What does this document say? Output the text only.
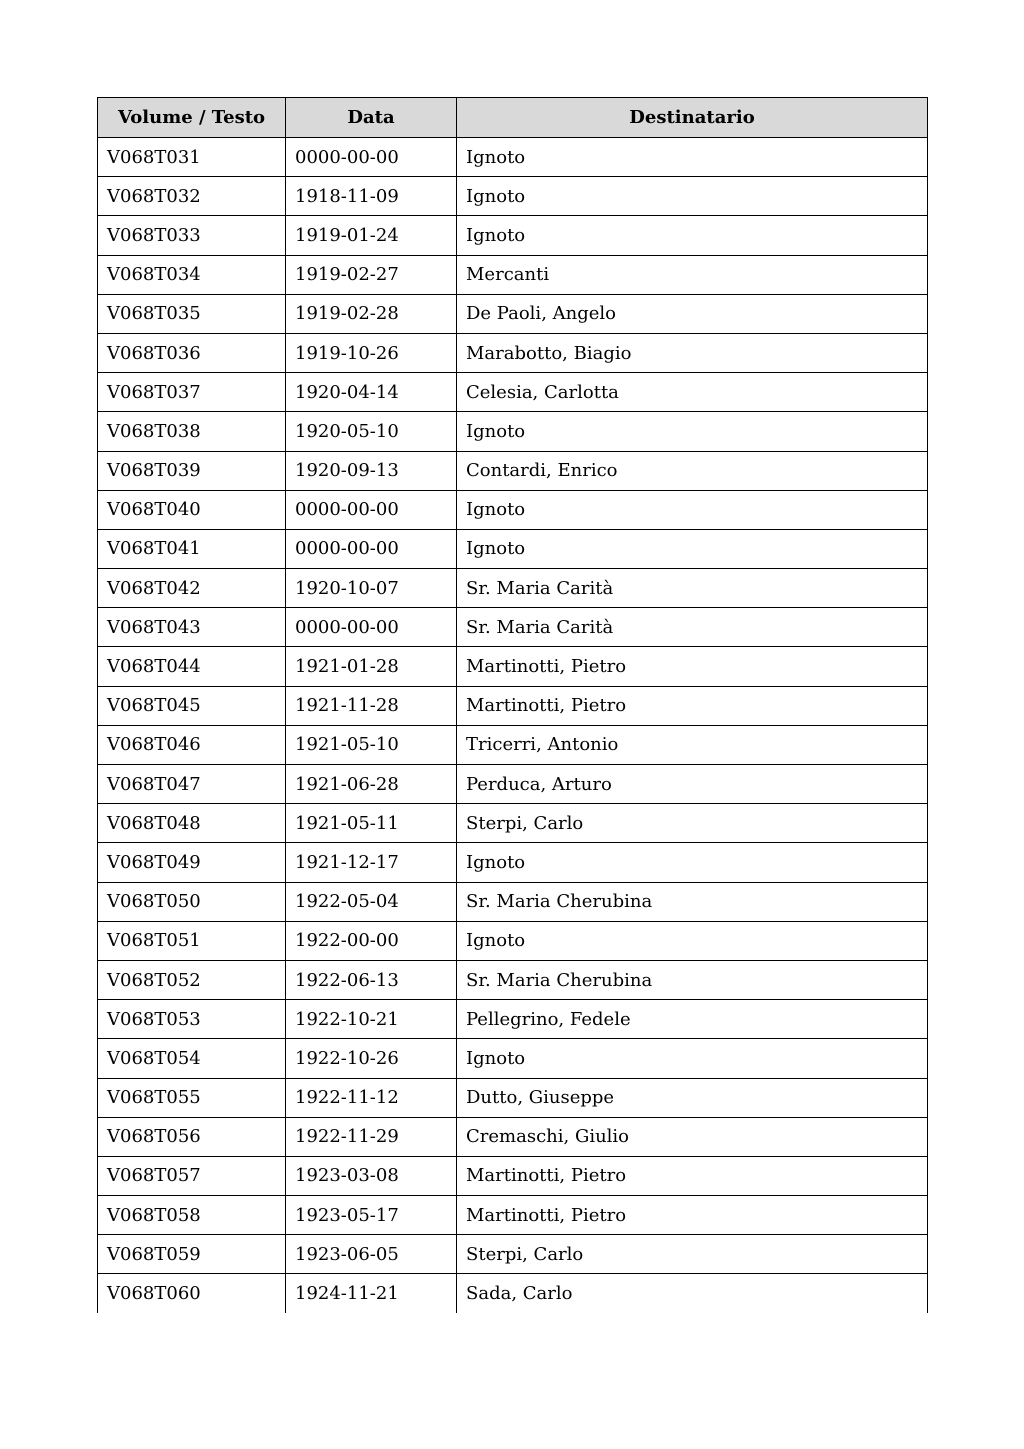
Volume / Testo	Data	Destinatario
V068T031	0000-00-00	Ignoto
V068T032	1918-11-09	Ignoto
V068T033	1919-01-24	Ignoto
V068T034	1919-02-27	Mercanti
V068T035	1919-02-28	De Paoli, Angelo
V068T036	1919-10-26	Marabotto, Biagio
V068T037	1920-04-14	Celesia, Carlotta
V068T038	1920-05-10	Ignoto
V068T039	1920-09-13	Contardi, Enrico
V068T040	0000-00-00	Ignoto
V068T041	0000-00-00	Ignoto
V068T042	1920-10-07	Sr. Maria Carità
V068T043	0000-00-00	Sr. Maria Carità
V068T044	1921-01-28	Martinotti, Pietro
V068T045	1921-11-28	Martinotti, Pietro
V068T046	1921-05-10	Tricerri, Antonio
V068T047	1921-06-28	Perduca, Arturo
V068T048	1921-05-11	Sterpi, Carlo
V068T049	1921-12-17	Ignoto
V068T050	1922-05-04	Sr. Maria Cherubina
V068T051	1922-00-00	Ignoto
V068T052	1922-06-13	Sr. Maria Cherubina
V068T053	1922-10-21	Pellegrino, Fedele
V068T054	1922-10-26	Ignoto
V068T055	1922-11-12	Dutto, Giuseppe
V068T056	1922-11-29	Cremaschi, Giulio
V068T057	1923-03-08	Martinotti, Pietro
V068T058	1923-05-17	Martinotti, Pietro
V068T059	1923-06-05	Sterpi, Carlo
V068T060	1924-11-21	Sada, Carlo
